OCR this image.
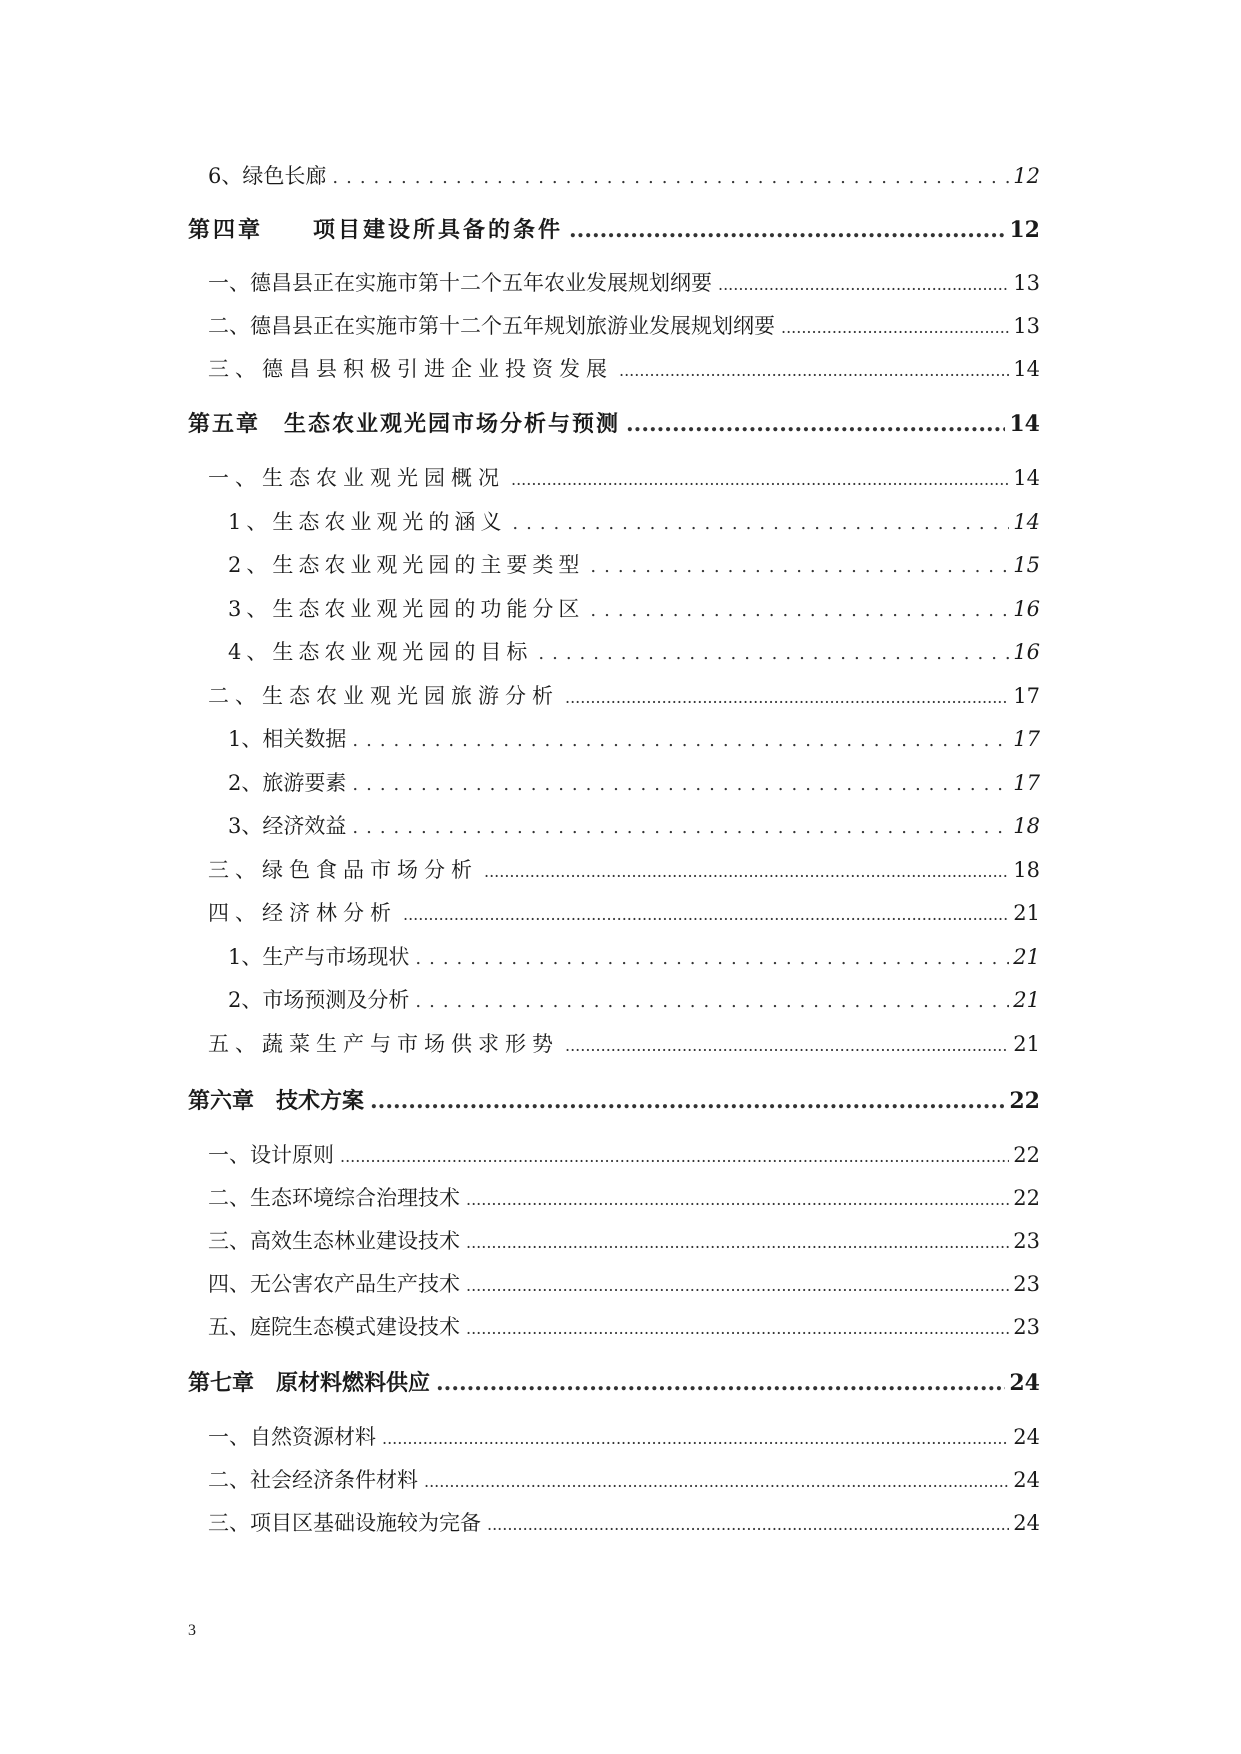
6、绿色长廊 .....	12
第四章　　项目建设所具备的条件 .....	12
一、德昌县正在实施市第十二个五年农业发展规划纲要 .....	13
二、德昌县正在实施市第十二个五年规划旅游业发展规划纲要 .....	13
三、德昌县积极引进企业投资发展 .....	14
第五章　生态农业观光园市场分析与预测 .....	14
一、生态农业观光园概况 .....	14
1、生态农业观光的涵义 .....	14
2、生态农业观光园的主要类型 .....	15
3、生态农业观光园的功能分区 .....	16
4、生态农业观光园的目标 .....	16
二、生态农业观光园旅游分析 .....	17
1、相关数据 .....	17
2、旅游要素 .....	17
3、经济效益 .....	18
三、绿色食品市场分析 .....	18
四、经济林分析 .....	21
1、生产与市场现状 .....	21
2、市场预测及分析 .....	21
五、蔬菜生产与市场供求形势 .....	21
第六章　技术方案 .....	22
一、设计原则 .....	22
二、生态环境综合治理技术 .....	22
三、高效生态林业建设技术 .....	23
四、无公害农产品生产技术 .....	23
五、庭院生态模式建设技术 .....	23
第七章　原材料燃料供应 .....	24
一、自然资源材料 .....	24
二、社会经济条件材料 .....	24
三、项目区基础设施较为完备 .....	24
3
